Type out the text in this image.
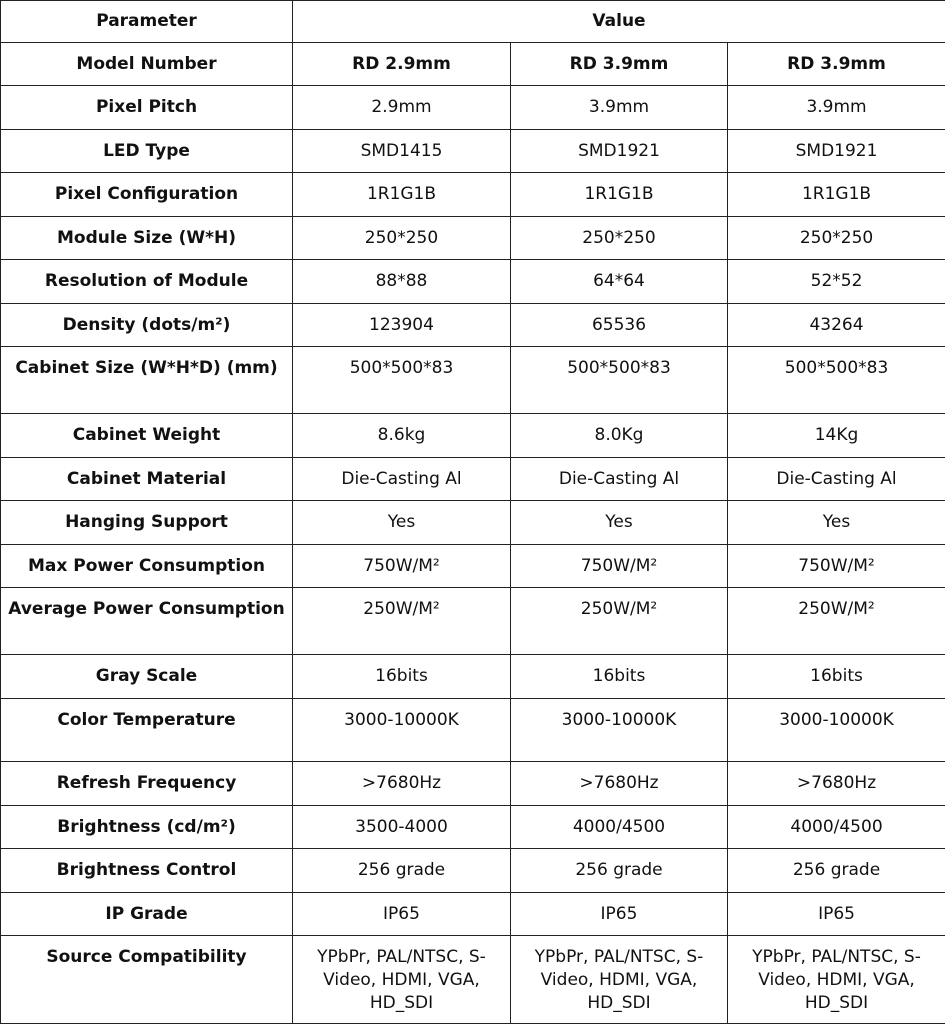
Parameter	Value		
Model Number	RD 2.9mm	RD 3.9mm	RD 3.9mm
Pixel Pitch	2.9mm	3.9mm	3.9mm
LED Type	SMD1415	SMD1921	SMD1921
Pixel Configuration	1R1G1B	1R1G1B	1R1G1B
Module Size (W*H)	250*250	250*250	250*250
Resolution of Module	88*88	64*64	52*52
Density (dots/m²)	123904	65536	43264
Cabinet Size (W*H*D) (mm)	500*500*83	500*500*83	500*500*83
Cabinet Weight	8.6kg	8.0Kg	14Kg
Cabinet Material	Die-Casting Al	Die-Casting Al	Die-Casting Al
Hanging Support	Yes	Yes	Yes
Max Power Consumption	750W/M²	750W/M²	750W/M²
Average Power Consumption	250W/M²	250W/M²	250W/M²
Gray Scale	16bits	16bits	16bits
Color Temperature	3000-10000K	3000-10000K	3000-10000K
Refresh Frequency	>7680Hz	>7680Hz	>7680Hz
Brightness (cd/m²)	3500-4000	4000/4500	4000/4500
Brightness Control	256 grade	256 grade	256 grade
IP Grade	IP65	IP65	IP65
Source Compatibility	YPbPr, PAL/NTSC, S-Video, HDMI, VGA, HD_SDI	YPbPr, PAL/NTSC, S-Video, HDMI, VGA, HD_SDI	YPbPr, PAL/NTSC, S-Video, HDMI, VGA, HD_SDI
